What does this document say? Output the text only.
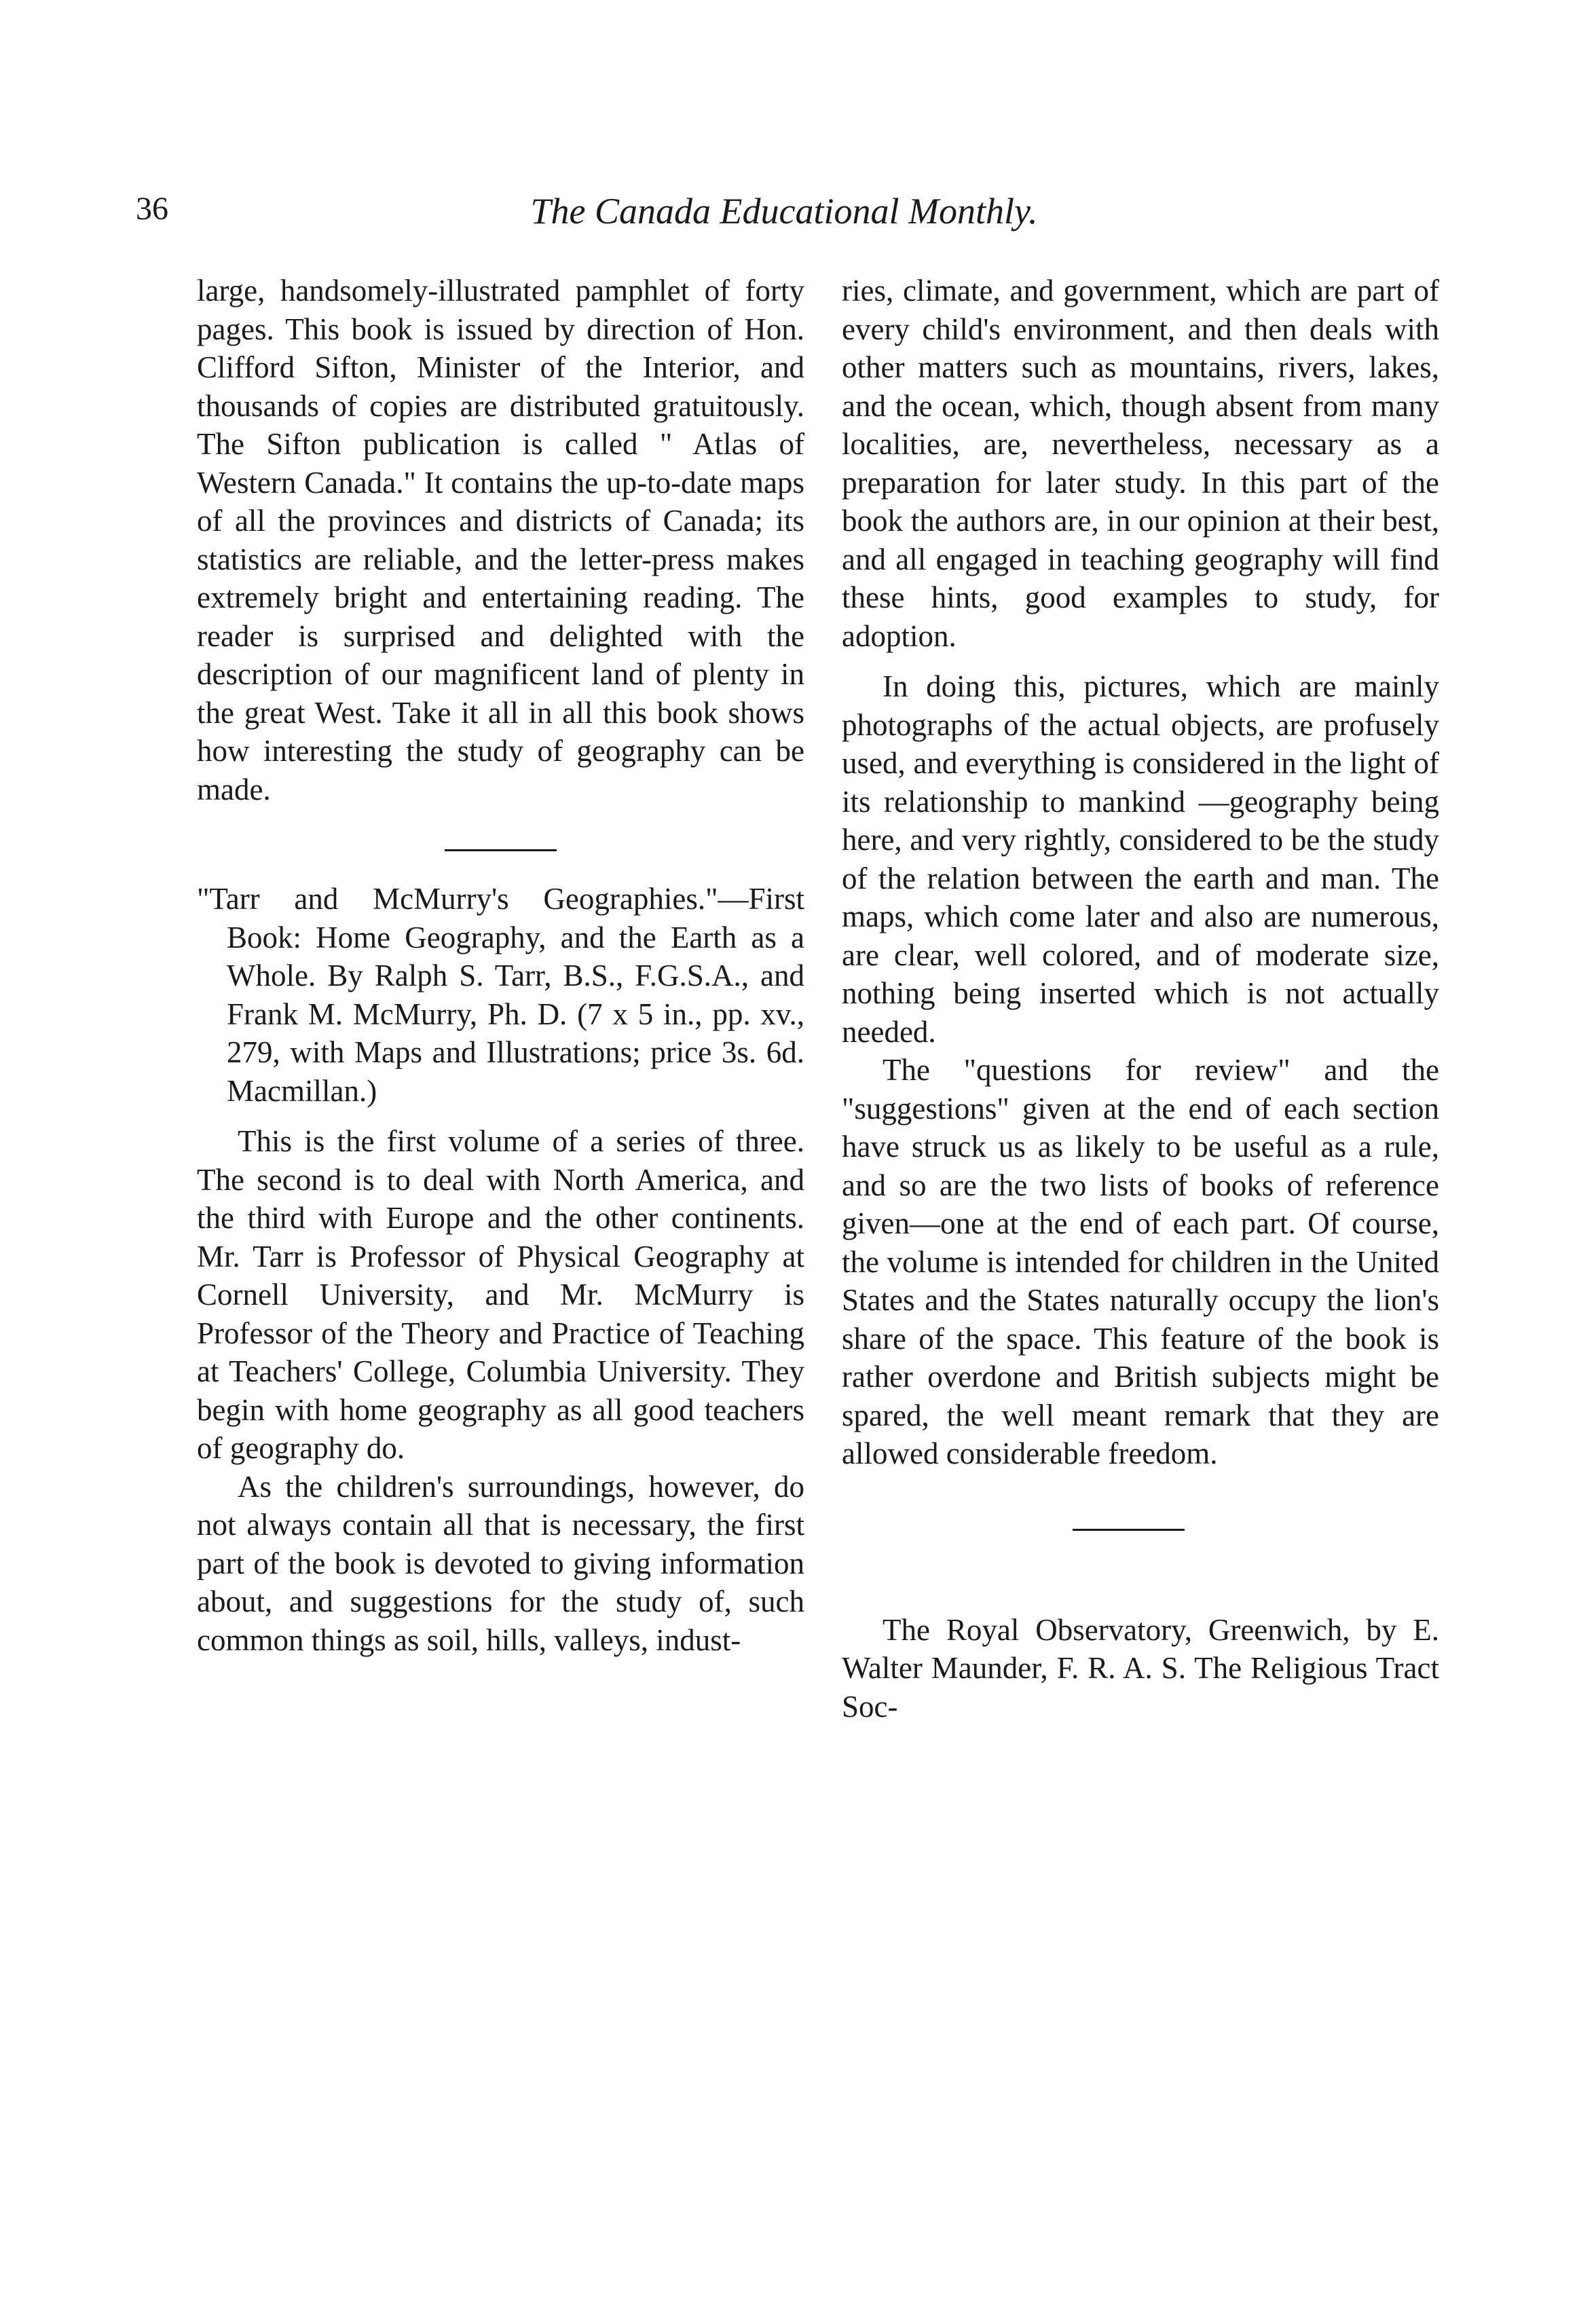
36	The Canada Educational Monthly.

large, handsomely-illustrated pamphlet of forty pages. This book is issued by direction of Hon. Clifford Sifton, Minister of the Interior, and thousands of copies are distributed gratuitously. The Sifton publication is called " Atlas of Western Canada." It contains the up-to-date maps of all the provinces and districts of Canada; its statistics are reliable, and the letter-press makes extremely bright and entertaining reading. The reader is surprised and delighted with the description of our magnificent land of plenty in the great West. Take it all in all this book shows how interesting the study of geography can be made.

"Tarr and McMurry's Geographies."—First Book: Home Geography, and the Earth as a Whole. By Ralph S. Tarr, B.S., F.G.S.A., and Frank M. McMurry, Ph. D. (7 x 5 in., pp. xv., 279, with Maps and Illustrations; price 3s. 6d. Macmillan.)

This is the first volume of a series of three. The second is to deal with North America, and the third with Europe and the other continents. Mr. Tarr is Professor of Physical Geography at Cornell University, and Mr. McMurry is Professor of the Theory and Practice of Teaching at Teachers' College, Columbia University. They begin with home geography as all good teachers of geography do.

As the children's surroundings, however, do not always contain all that is necessary, the first part of the book is devoted to giving information about, and suggestions for the study of, such common things as soil, hills, valleys, indust-

ries, climate, and government, which are part of every child's environment, and then deals with other matters such as mountains, rivers, lakes, and the ocean, which, though absent from many localities, are, nevertheless, necessary as a preparation for later study. In this part of the book the authors are, in our opinion at their best, and all engaged in teaching geography will find these hints, good examples to study, for adoption.

In doing this, pictures, which are mainly photographs of the actual objects, are profusely used, and everything is considered in the light of its relationship to mankind —geography being here, and very rightly, considered to be the study of the relation between the earth and man. The maps, which come later and also are numerous, are clear, well colored, and of moderate size, nothing being inserted which is not actually needed.

The "questions for review" and the "suggestions" given at the end of each section have struck us as likely to be useful as a rule, and so are the two lists of books of reference given—one at the end of each part. Of course, the volume is intended for children in the United States and the States naturally occupy the lion's share of the space. This feature of the book is rather overdone and British subjects might be spared, the well meant remark that they are allowed considerable freedom.

The Royal Observatory, Greenwich, by E. Walter Maunder, F. R. A. S. The Religious Tract Soc-
